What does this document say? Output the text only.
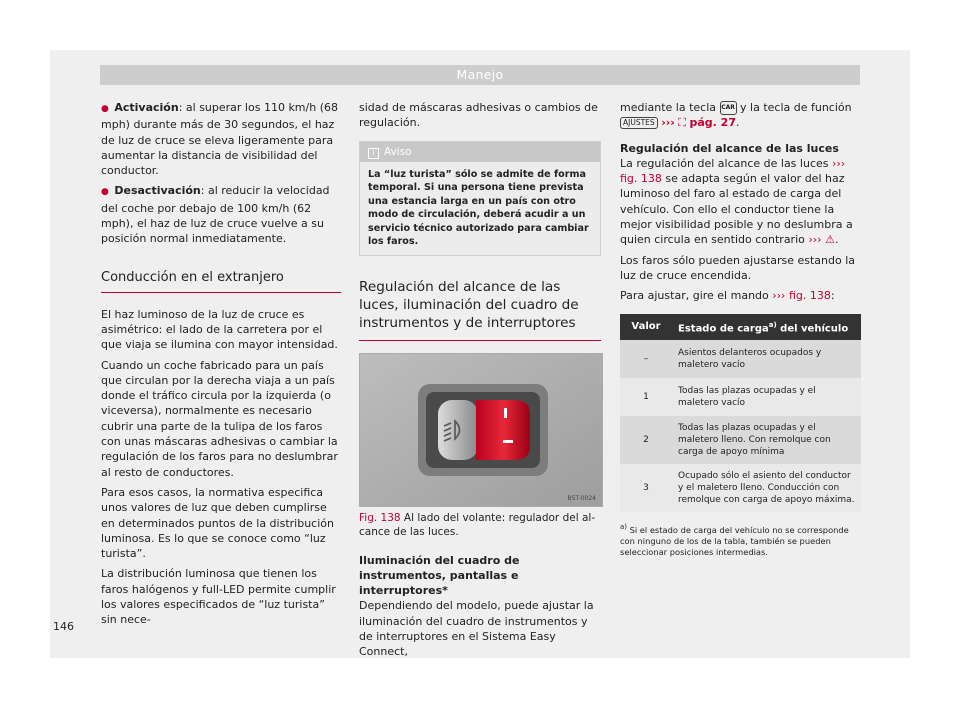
Manejo

● Activación: al superar los 110 km/h (68 mph) durante más de 30 segundos, el haz de luz de cruce se eleva ligeramente para aumentar la distancia de visibilidad del conductor.

● Desactivación: al reducir la velocidad del coche por debajo de 100 km/h (62 mph), el haz de luz de cruce vuelve a su posición normal inmediatamente.

Conducción en el extranjero

El haz luminoso de la luz de cruce es asimétrico: el lado de la carretera por el que viaja se ilumina con mayor intensidad.

Cuando un coche fabricado para un país que circulan por la derecha viaja a un país donde el tráfico circula por la izquierda (o viceversa), normalmente es necesario cubrir una parte de la tulipa de los faros con unas máscaras adhesivas o cambiar la regulación de los faros para no deslumbrar al resto de conductores.

Para esos casos, la normativa especifica unos valores de luz que deben cumplirse en determinados puntos de la distribución luminosa. Es lo que se conoce como “luz turista”.

La distribución luminosa que tienen los faros halógenos y full-LED permite cumplir los valores especificados de “luz turista” sin nece-

sidad de máscaras adhesivas o cambios de regulación.

i Aviso
La “luz turista” sólo se admite de forma temporal. Si una persona tiene prevista una estancia larga en un país con otro modo de circulación, deberá acudir a un servicio técnico autorizado para cambiar los faros.
Regulación del alcance de las luces, iluminación del cuadro de instrumentos y de interruptores
B5T-0024
Fig. 138 Al lado del volante: regulador del alcance de las luces.
Iluminación del cuadro de instrumentos, pantallas e interruptores*

Dependiendo del modelo, puede ajustar la iluminación del cuadro de instrumentos y de interruptores en el Sistema Easy Connect,

mediante la tecla CAR y la tecla de función AJUSTES ››› ⛶ pág. 27.

Regulación del alcance de las luces

La regulación del alcance de las luces ››› fig. 138 se adapta según el valor del haz luminoso del faro al estado de carga del vehículo. Con ello el conductor tiene la mejor visibilidad posible y no deslumbra a quien circula en sentido contrario ››› ⚠.

Los faros sólo pueden ajustarse estando la luz de cruce encendida.

Para ajustar, gire el mando ››› fig. 138:

Valor	Estado de carga$^{a)}$ del vehículo
–	Asientos delanteros ocupados y maletero vacío
1	Todas las plazas ocupadas y el maletero vacío
2	Todas las plazas ocupadas y el maletero lleno. Con remolque con carga de apoyo mínima
3	Ocupado sólo el asiento del conductor y el maletero lleno. Conducción con remolque con carga de apoyo máxima.
$^{a)}$ Si el estado de carga del vehículo no se corresponde con ninguno de los de la tabla, también se pueden seleccionar posiciones intermedias.
146
